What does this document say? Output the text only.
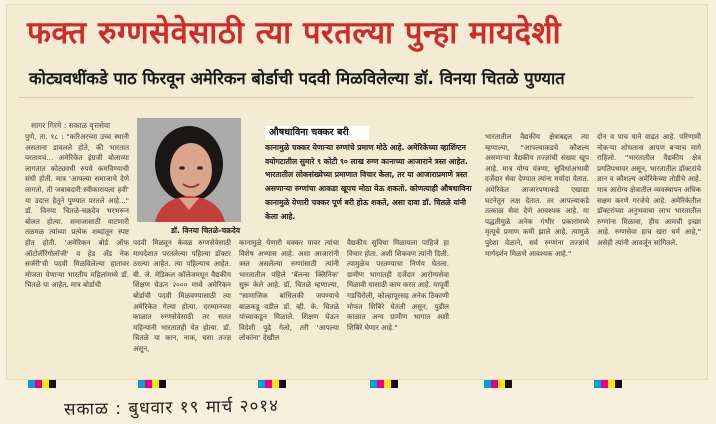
फक्त रुग्णसेवेसाठी त्या परतल्या पुन्हा मायदेशी
कोट्यवधींकडे पाठ फिरवून अमेरिकन बोर्डाची पदवी मिळविलेल्या डॉ. विनया चितळे पुण्यात
सागर गिरमे : सकाळ वृत्तसेवा
पुणे, ता. १८ : "करिअरच्या उच्च स्थानी असताना डावलले होते, की भारतात परतायचं... अमेरिकेत इंग्रजी बोलाव्या लागतात कोट्यवधी रुपये कमविण्याची संधी होती. मात्र 'आपल्या समाजाचे देणे लागतो, ती जबाबदारी स्वीकारायला हवी' या उदात्त हेतूने पुण्यात परतले आहे..." डॉ. विनया चितळे-चक्रदेव भरभरून बोलत होत्या. समाजासाठी वाटणारी तळमळ त्यांच्या प्रत्येक शब्दांतून स्पष्ट होत होती. 'अमेरिकन बोर्ड ऑफ ऑटोलॅरिंगोलॉजी' व हेड अँड नेक सर्जरी'ची पदवी मिळविलेल्या हातावर मोजता येणाऱ्या भारतीय महिलांमध्ये डॉ. चितळे या आहेत. मात्र बोर्डाची
डॉ. विनया चितळे-चक्रदेव
औषधाविना चक्कर बरी
कानामुळे चक्कर येणाऱ्या रुग्णांचे प्रमाण मोठे आहे. अमेरिकेच्या व्हाशिंग्टन वयोगटातील सुमारे ९ कोटी ९० लाख रुग्ण कानाच्या आजाराने त्रस्त आहेत. भारतातील लोकसंख्येच्या प्रमाणात विचार केला, तर या आजाराप्रमाणे त्रस्त असणाऱ्या रुग्णांचा आकडा खूपच मोठा येऊ शकतो. कोणत्याही औषधाविना कानामुळे येणारी चक्कर पूर्ण बरी होऊ शकते, असा दावा डॉ. चितळे यांनी केला आहे.
पदवी मिळवून केवळ रुग्णसेवेसाठी मायदेशात परतलेल्या पहिल्या डॉक्टर ठरल्या आहेत. त्या पहिल्याच आहेत. बी. जे. मेडिकल कॉलेजमधून वैद्यकीय शिक्षण घेऊन २००० मध्ये अमेरिकन बोर्डाची पदवी मिळवण्यासाठी त्या अमेरिकेत गेल्या होत्या. दरम्यानच्या काळात रुग्णसेवेसाठी तर सतत महिन्यांनी भारतातही येत होत्या. डॉ. चितळे या कान, नाक, घसा तज्ज्ञ असून,
कानामुळे येणारी चक्कर यावर त्यांचा विशेष अभ्यास आहे. अशा आजारांनी त्रस्त असलेल्या रुग्णांसाठी त्यांनी भारतातील पहिले 'बॅलन्स क्लिनिक' सुरू केले आहे. डॉ. चितळे म्हणाल्या, "सामाजिक बांधिलकी जपण्याचे बाळकडू वडील डॉ. व्ही. के. चितळे यांच्याकडून मिळाले. शिक्षण घेऊन विदेशी पुढे गेलो, तरी 'आपल्या लोकांना' देखील
वैद्यकीय सुविधा मिळायला पाहिजे हा विचार होता. अशी शिकवण त्यांनी दिली. त्यामुळेच परतण्याचा निर्णय घेतला. ग्रामीण भागातही दर्जेदार आरोग्यसेवा मिळावी यासाठी काम करत आहे. यापूर्वी गडचिरोली, कोल्हापूरसह अनेक ठिकाणी मोफत शिबिरे घेतली असून, पुढील काळात अन्य ग्रामीण भागात अशी शिबिरे घेणार आहे."
भारतातील वैद्यकीय क्षेत्राबद्दल त्या म्हणाल्या, "आपल्याकडचे कौशल्य असणाऱ्या वैद्यकीय तज्ज्ञांची संख्या खूप आहे. मात्र योग्य यंत्रणा, सुविधांअभावी दर्जेदार सेवा देण्यात त्यांना मर्यादा येतात. अमेरिकेत आजारपणाकडे एखाद्या घटनेतून लक्ष देतात. तर आपल्याकडे तत्काळ सेवा देणे आवश्यक आहे. या पद्धतीमुळे अनेक गंभीर प्रकारांमध्ये मृत्यूचे प्रमाण कमी झाले आहे. त्यामुळे पुरेशा वेळाने, सर्व रुग्णांना तज्ज्ञांचे मार्गदर्शन मिळणे आवश्यक आहे."
दोन व पाच याने वाढत आहे. परिणामी नोकऱ्या शोधताना आपण बऱ्याच मागे राहिलो. "भारतातील वैद्यकीय क्षेत्र प्रगतिपथावर असून, भारतातील डॉक्टरांचे ज्ञान व कौशल्य अमेरिकेच्या तोडीचे आहे. मात्र आरोग्य क्षेत्रातील व्यवस्थापन अधिक सक्षम करणे गरजेचे आहे. अमेरिकेतील डॉक्टरांच्या अनुभवाचा लाभ भारतातील रुग्णांना मिळावा, हीच आमची इच्छा आहे. रुग्णसेवा हाच खरा धर्म आहे," असेही त्यांनी आवर्जून सांगितले.
सकाळ : बुधवार १९ मार्च २०१४
